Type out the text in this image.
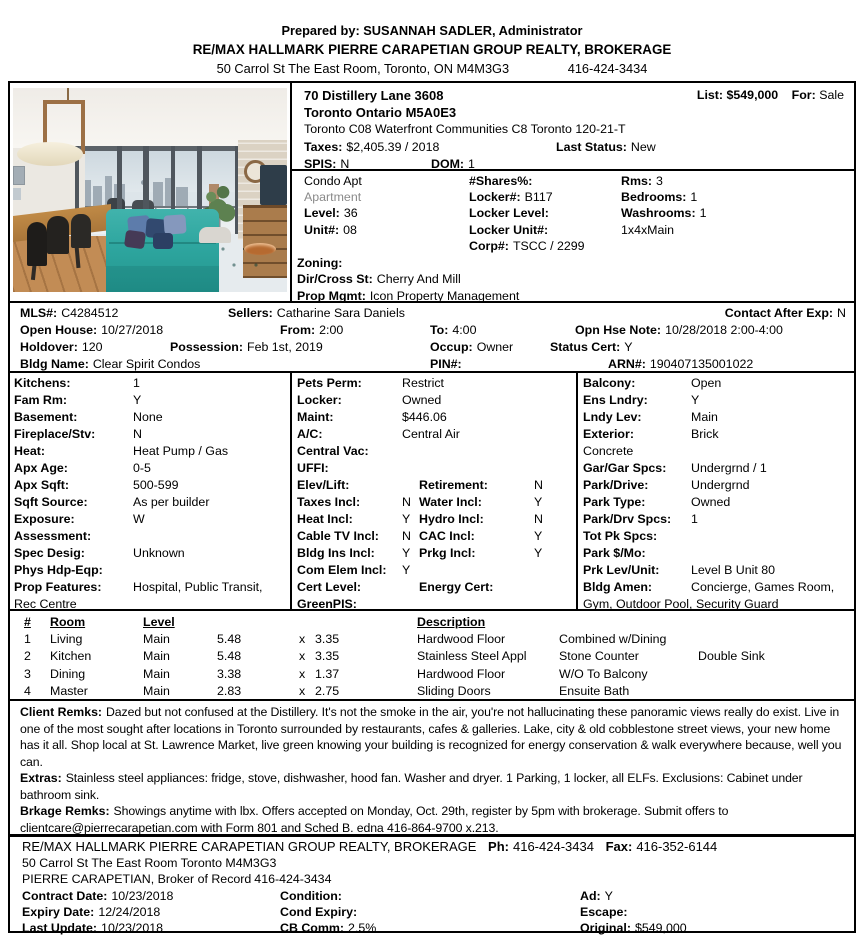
Prepared by: SUSANNAH SADLER, Administrator
RE/MAX HALLMARK PIERRE CARAPETIAN GROUP REALTY, BROKERAGE
50 Carrol St The East Room, Toronto, ON M4M3G3	416-424-3434
70 Distillery Lane 3608	List: $549,000 For: Sale
Toronto Ontario M5A0E3
Toronto C08 Waterfront Communities C8 Toronto 120-21-T
Taxes: $2,405.39 / 2018	Last Status: New
SPIS: N	DOM: 1
Condo Apt	#Shares%:	Rms: 3
Apartment	Locker#: B117	Bedrooms: 1
Level: 36	Locker Level:	Washrooms: 1
Unit#: 08	Locker Unit#:	1x4xMain
Corp#: TSCC / 2299
Zoning:
Dir/Cross St: Cherry And Mill
Prop Mgmt: Icon Property Management
MLS#: C4284512	Sellers: Catharine Sara Daniels	Contact After Exp: N
Open House: 10/27/2018	From: 2:00	To: 4:00	Opn Hse Note: 10/28/2018 2:00-4:00
Holdover: 120	Possession: Feb 1st, 2019	Occup: Owner	Status Cert: Y
Bldg Name: Clear Spirit Condos	PIN#:	ARN#: 190407135001022
Kitchens:	1
Fam Rm:	Y
Basement:	None
Fireplace/Stv:	N
Heat:	Heat Pump / Gas
Apx Age:	0-5
Apx Sqft:	500-599
Sqft Source:	As per builder
Exposure:	W
Assessment:
Spec Desig:	Unknown
Phys Hdp-Eqp:
Prop Features:	Hospital, Public Transit,
Rec Centre
Pets Perm:	Restrict
Locker:	Owned
Maint:	$446.06
A/C:	Central Air
Central Vac:
UFFI:
Elev/Lift:	Retirement:	N
Taxes Incl:	N Water Incl:	Y
Heat Incl:	Y Hydro Incl:	N
Cable TV Incl:	N CAC Incl:	Y
Bldg Ins Incl:	Y Prkg Incl:	Y
Com Elem Incl:	Y
Cert Level:	Energy Cert:
GreenPIS:
Balcony:	Open
Ens Lndry:	Y
Lndy Lev:	Main
Exterior:	Brick
Concrete
Gar/Gar Spcs:	Undergrnd / 1
Park/Drive:	Undergrnd
Park Type:	Owned
Park/Drv Spcs:	1
Tot Pk Spcs:
Park $/Mo:
Prk Lev/Unit:	Level B Unit 80
Bldg Amen:	Concierge, Games Room,
Gym, Outdoor Pool, Security Guard
#	Room	Level	Description
1	Living	Main	5.48	x 3.35	Hardwood Floor	Combined w/Dining
2	Kitchen	Main	5.48	x 3.35	Stainless Steel Appl	Stone Counter	Double Sink
3	Dining	Main	3.38	x 1.37	Hardwood Floor	W/O To Balcony
4	Master	Main	2.83	x 2.75	Sliding Doors	Ensuite Bath
Client Remks: Dazed but not confused at the Distillery. It's not the smoke in the air, you're not hallucinating these panoramic views really do exist. Live in one of the most sought after locations in Toronto surrounded by restaurants, cafes & galleries. Lake, city & old cobblestone street views, your new home has it all. Shop local at St. Lawrence Market, live green knowing your building is recognized for energy conservation & walk everywhere because, well you can.
Extras: Stainless steel appliances: fridge, stove, dishwasher, hood fan. Washer and dryer. 1 Parking, 1 locker, all ELFs. Exclusions: Cabinet under bathroom sink.
Brkage Remks: Showings anytime with lbx. Offers accepted on Monday, Oct. 29th, register by 5pm with brokerage. Submit offers to clientcare@pierrecarapetian.com with Form 801 and Sched B. edna 416-864-9700 x.213.
RE/MAX HALLMARK PIERRE CARAPETIAN GROUP REALTY, BROKERAGE Ph: 416-424-3434 Fax: 416-352-6144
50 Carrol St The East Room Toronto M4M3G3
PIERRE CARAPETIAN, Broker of Record 416-424-3434
Contract Date: 10/23/2018	Condition:	Ad: Y
Expiry Date: 12/24/2018	Cond Expiry:	Escape:
Last Update: 10/23/2018	CB Comm: 2.5%	Original: $549,000
